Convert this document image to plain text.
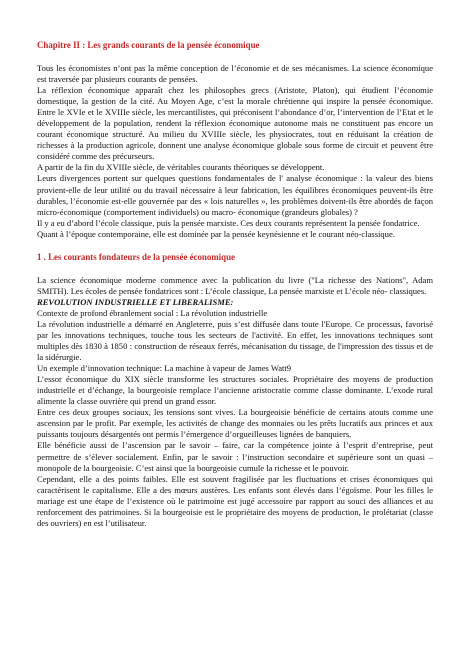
Chapitre II : Les grands courants de la pensée économique

Tous les économistes n’ont pas la même conception de l’économie et de ses mécanismes. La science économique est traversée par plusieurs courants de pensées.

La réflexion économique apparaît chez les philosophes grecs (Aristote, Platon), qui étudient l’économie domestique, la gestion de la cité. Au Moyen Age, c’est la morale chrétienne qui inspire la pensée économique. Entre le XVIe et le XVIIIe siècle, les mercantilistes, qui préconisent l’abondance d’or, l’intervention de l’Etat et le développement de la population, rendent la réflexion économique autonome mais ne constituent pas encore un courant économique structuré. Au milieu du XVIIIe siècle, les physiocrates, tout en réduisant la création de richesses à la production agricole, donnent une analyse économique globale sous forme de circuit et peuvent être considéré comme des précurseurs.

A partir de la fin du XVIIIe siècle, de véritables courants théoriques se développent.

Leurs divergences portent sur quelques questions fondamentales de l' analyse économique : la valeur des biens provient-elle de leur utilité ou du travail nécessaire à leur fabrication, les équilibres économiques peuvent-ils être durables, l’économie est-elle gouvernée par des « lois naturelles », les problèmes doivent-ils être abordés de façon micro-économique (comportement individuels) ou macro- économique (grandeurs globales) ?

Il y a eu d’abord l’école classique, puis la pensée marxiste. Ces deux courants représentent la pensée fondatrice.

Quant à l’époque contemporaine, elle est dominée par la pensée keynésienne et le courant néo-classique.

1 . Les courants fondateurs de la pensée économique

La science économique moderne commence avec la publication du livre ("La richesse des Nations", Adam SMITH). Les écoles de pensée fondatrices sont : L’école classique, La pensée marxiste et L’école néo- classiques.

REVOLUTION INDUSTRIELLE ET LIBERALISME:

Contexte de profond ébranlement social : La révolution industrielle

La révolution industrielle a démarré en Angleterre, puis s’est diffusée dans toute l'Europe. Ce processus, favorisé par les innovations techniques, touche tous les secteurs de l'activité. En effet, les innovations techniques sont multiples dès 1830 à 1850 : construction de réseaux ferrés, mécanisation du tissage, de l'impression des tissus et de la sidérurgie.

Un exemple d’innovation technique: La machine à vapeur de James Watt9

L’essor économique du XIX siècle transforme les structures sociales. Propriétaire des moyens de production industrielle et d’échange, la bourgeoisie remplace l’ancienne aristocratie comme classe dominante. L’exode rural alimente la classe ouvrière qui prend un grand essor.

Entre ces deux groupes sociaux, les tensions sont vives. La bourgeoisie bénéficie de certains atouts comme une ascension par le profit. Par exemple, les activités de change des monnaies ou les prêts lucratifs aux princes et aux puissants toujours désargentés ont permis l’émergence d’orgueilleuses lignées de banquiers.

Elle bénéficie aussi de l’ascension par le savoir – faire, car la compétence jointe à l’esprit d’entreprise, peut permettre de s’élever socialement. Enfin, par le savoir : l’instruction secondaire et supérieure sont un quasi – monopole de la bourgeoisie. C’est ainsi que la bourgeoisie cumule la richesse et le pouvoir.

Cependant, elle a des points faibles. Elle est souvent fragilisée par les fluctuations et crises économiques qui caractérisent le capitalisme. Elle a des mœurs austères. Les enfants sont élevés dans l’égoïsme. Pour les filles le mariage est une étape de l’existence où le patrimoine est jugé accessoire par rapport au souci des alliances et au renforcement des patrimoines. Si la bourgeoisie est le propriétaire des moyens de production, le prolétariat (classe des ouvriers) en est l’utilisateur.
